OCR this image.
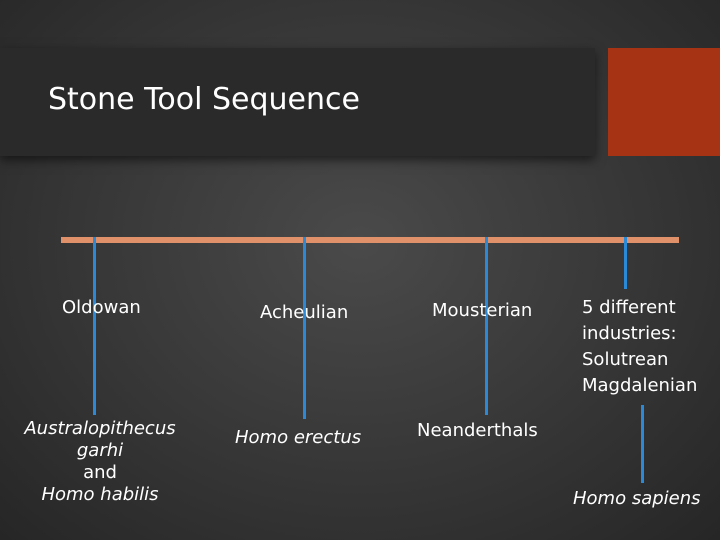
Stone Tool Sequence
Oldowan
Australopithecus
garhi
and
Homo habilis
Acheulian
Homo erectus
Mousterian
Neanderthals
5 different
industries:
Solutrean
Magdalenian
Homo sapiens
